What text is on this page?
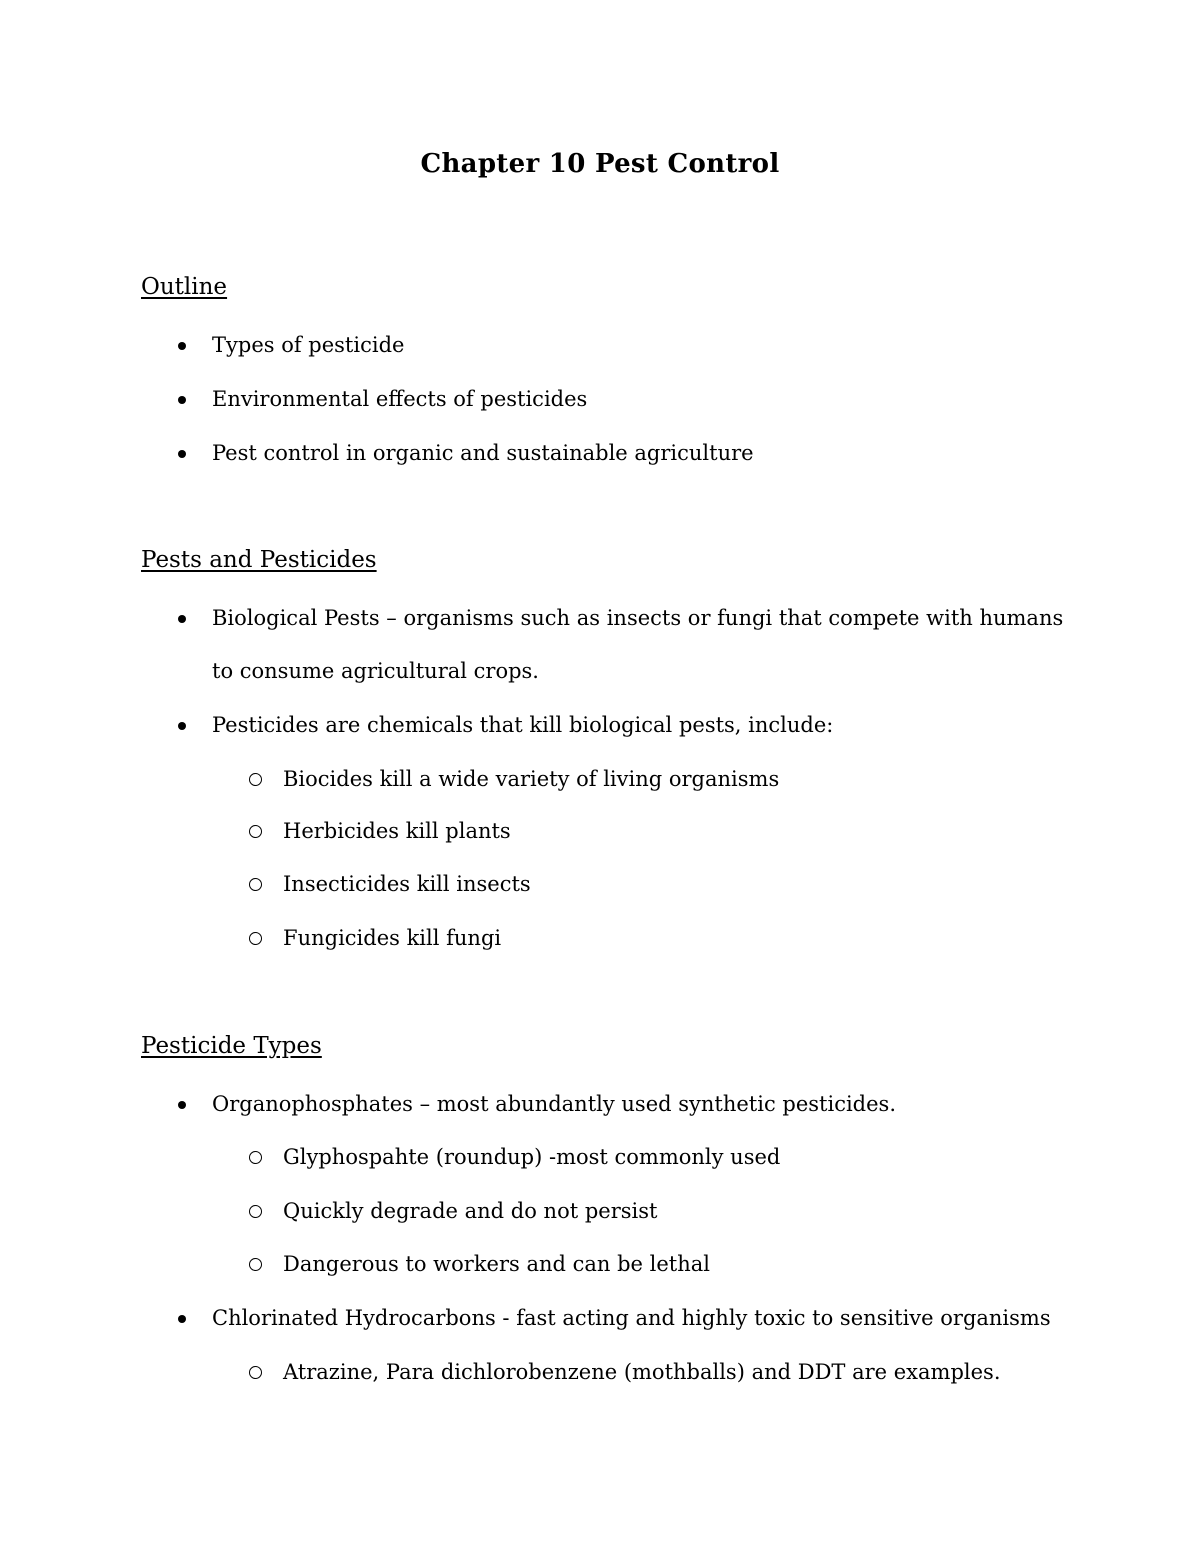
Chapter 10 Pest Control
Outline
Types of pesticide
Environmental effects of pesticides
Pest control in organic and sustainable agriculture
Pests and Pesticides
Biological Pests – organisms such as insects or fungi that compete with humans
to consume agricultural crops.
Pesticides are chemicals that kill biological pests, include:
Biocides kill a wide variety of living organisms
Herbicides kill plants
Insecticides kill insects
Fungicides kill fungi
Pesticide Types
Organophosphates – most abundantly used synthetic pesticides.
Glyphospahte (roundup) -most commonly used
Quickly degrade and do not persist
Dangerous to workers and can be lethal
Chlorinated Hydrocarbons - fast acting and highly toxic to sensitive organisms
Atrazine, Para dichlorobenzene (mothballs) and DDT are examples.
